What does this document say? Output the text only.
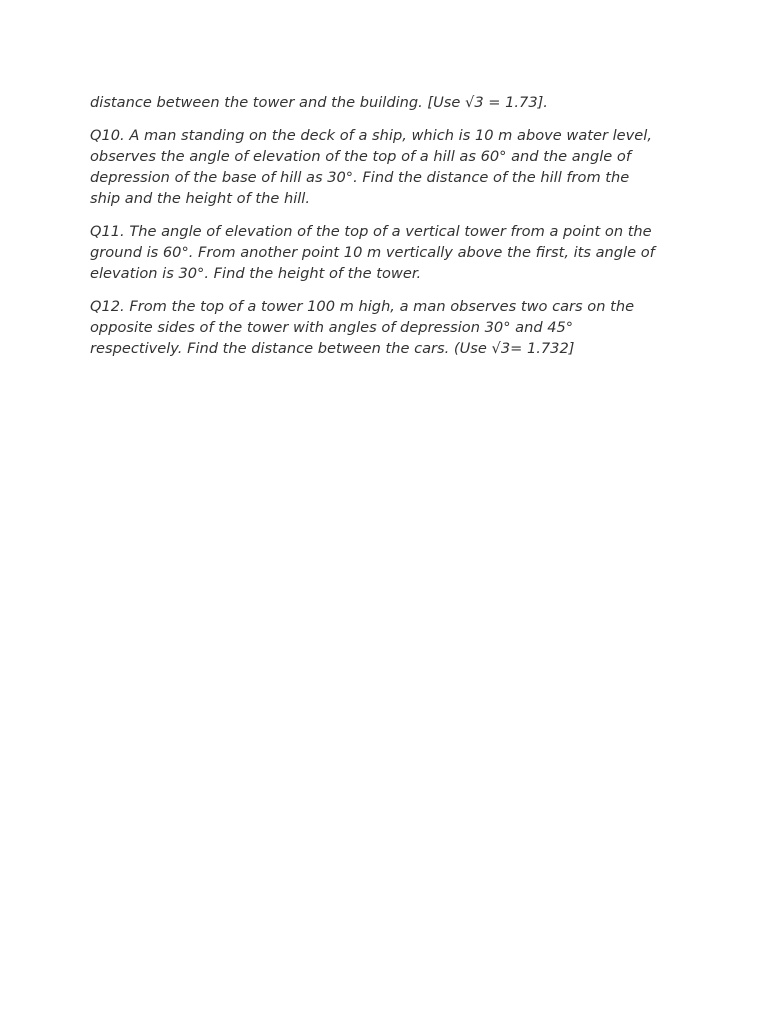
distance between the tower and the building. [Use √3 = 1.73].

Q10. A man standing on the deck of a ship, which is 10 m above water level,
observes the angle of elevation of the top of a hill as 60° and the angle of
depression of the base of hill as 30°. Find the distance of the hill from the
ship and the height of the hill.

Q11. The angle of elevation of the top of a vertical tower from a point on the
ground is 60°. From another point 10 m vertically above the first, its angle of
elevation is 30°. Find the height of the tower.

Q12. From the top of a tower 100 m high, a man observes two cars on the
opposite sides of the tower with angles of depression 30° and 45°
respectively. Find the distance between the cars. (Use √3= 1.732]
